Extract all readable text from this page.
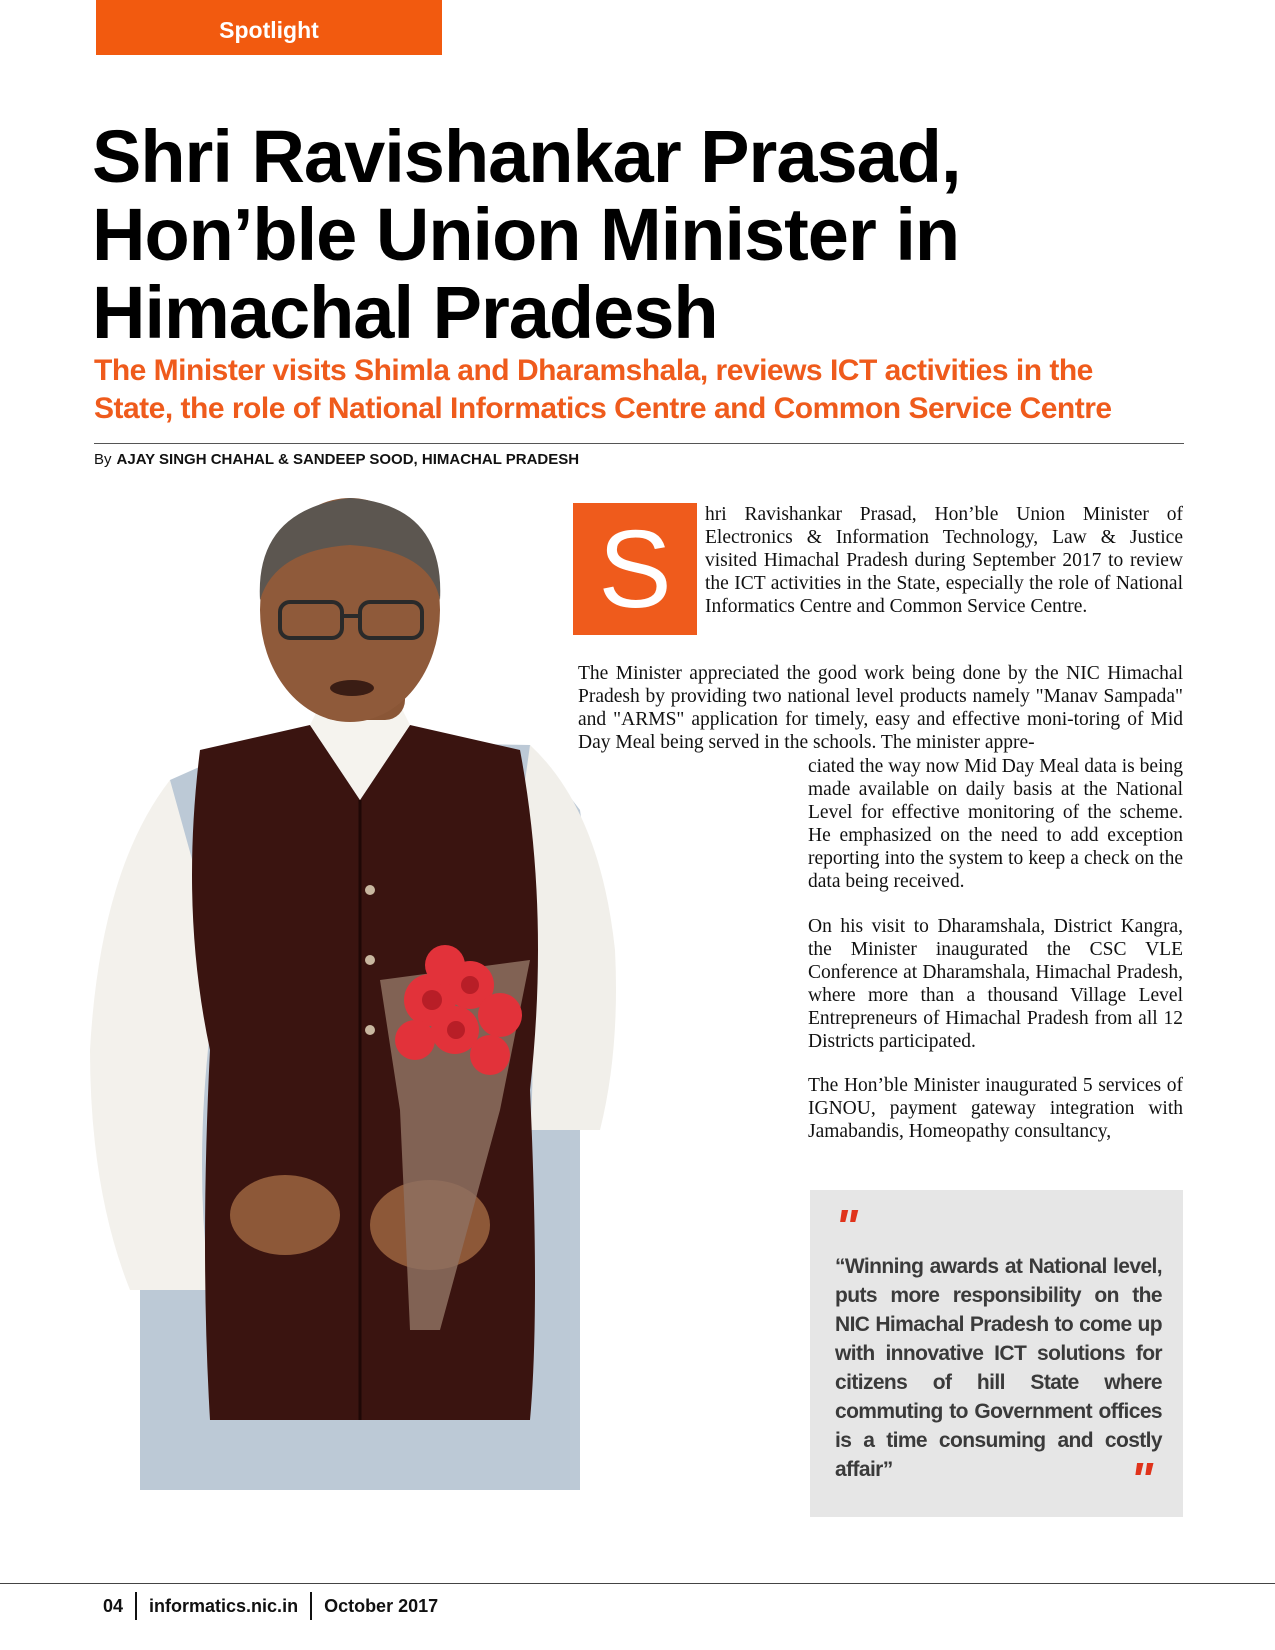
Spotlight
Shri Ravishankar Prasad,
Hon’ble Union Minister in
Himachal Pradesh
The Minister visits Shimla and Dharamshala, reviews ICT activities in the
State, the role of National Informatics Centre and Common Service Centre
By AJAY SINGH CHAHAL & SANDEEP SOOD, HIMACHAL PRADESH
S	hri Ravishankar Prasad, Hon’ble Union Minister of Electronics & Information Technology, Law & Justice visited Himachal Pradesh during September 2017 to review the ICT activities in the State, especially the role of National Informatics Centre and Common Service Centre.

The Minister appreciated the good work being done by the NIC Himachal Pradesh by providing two national level products namely "Manav Sampada" and "ARMS" application for timely, easy and effective moni-toring of Mid Day Meal being served in the schools. The minister appre-

ciated the way now Mid Day Meal data is being made available on daily basis at the National Level for effective monitoring of the scheme. He emphasized on the need to add exception reporting into the system to keep a check on the data being received.

On his visit to Dharamshala, District Kangra, the Minister inaugurated the CSC VLE Conference at Dharamshala, Himachal Pradesh, where more than a thousand Village Level Entrepreneurs of Himachal Pradesh from all 12 Districts participated.

The Hon’ble Minister inaugurated 5 services of IGNOU, payment gateway integration with Jamabandis, Homeopathy consultancy,

"

“Winning awards at National level, puts more responsibility on the NIC Himachal Pradesh to come up with innovative ICT solutions for citizens of hill State where commuting to Government offices is a time consuming and costly affair”	"
04 informatics.nic.in October 2017
